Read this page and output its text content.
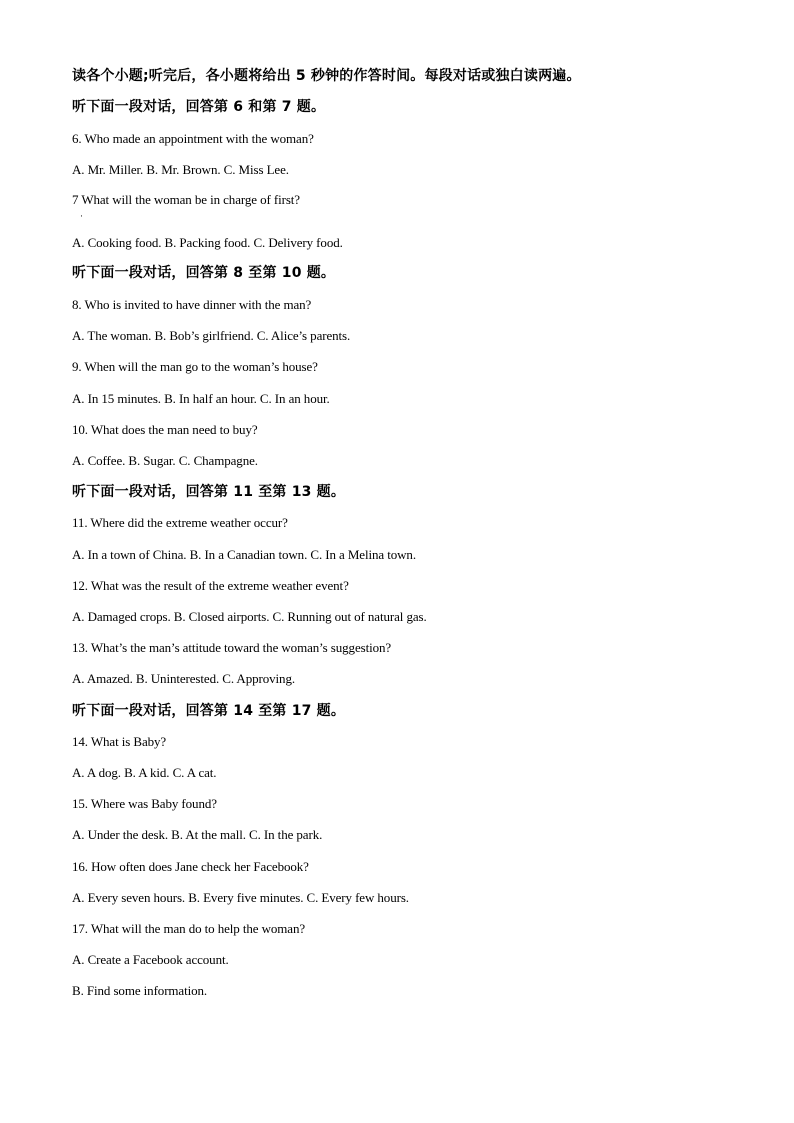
读各个小题;听完后，各小题将给出 5 秒钟的作答时间。每段对话或独白读两遍。
听下面一段对话，回答第 6 和第 7 题。
6. Who made an appointment with the woman?
A. Mr. Miller. B. Mr. Brown. C. Miss Lee.
7 What will the woman be in charge of first?
·
A. Cooking food. B. Packing food. C. Delivery food.
听下面一段对话，回答第 8 至第 10 题。
8. Who is invited to have dinner with the man?
A. The woman. B. Bob’s girlfriend. C. Alice’s parents.
9. When will the man go to the woman’s house?
A. In 15 minutes. B. In half an hour. C. In an hour.
10. What does the man need to buy?
A. Coffee. B. Sugar. C. Champagne.
听下面一段对话，回答第 11 至第 13 题。
11. Where did the extreme weather occur?
A. In a town of China. B. In a Canadian town. C. In a Melina town.
12. What was the result of the extreme weather event?
A. Damaged crops. B. Closed airports. C. Running out of natural gas.
13. What’s the man’s attitude toward the woman’s suggestion?
A. Amazed. B. Uninterested. C. Approving.
听下面一段对话，回答第 14 至第 17 题。
14. What is Baby?
A. A dog. B. A kid. C. A cat.
15. Where was Baby found?
A. Under the desk. B. At the mall. C. In the park.
16. How often does Jane check her Facebook?
A. Every seven hours. B. Every five minutes. C. Every few hours.
17. What will the man do to help the woman?
A. Create a Facebook account.
B. Find some information.
